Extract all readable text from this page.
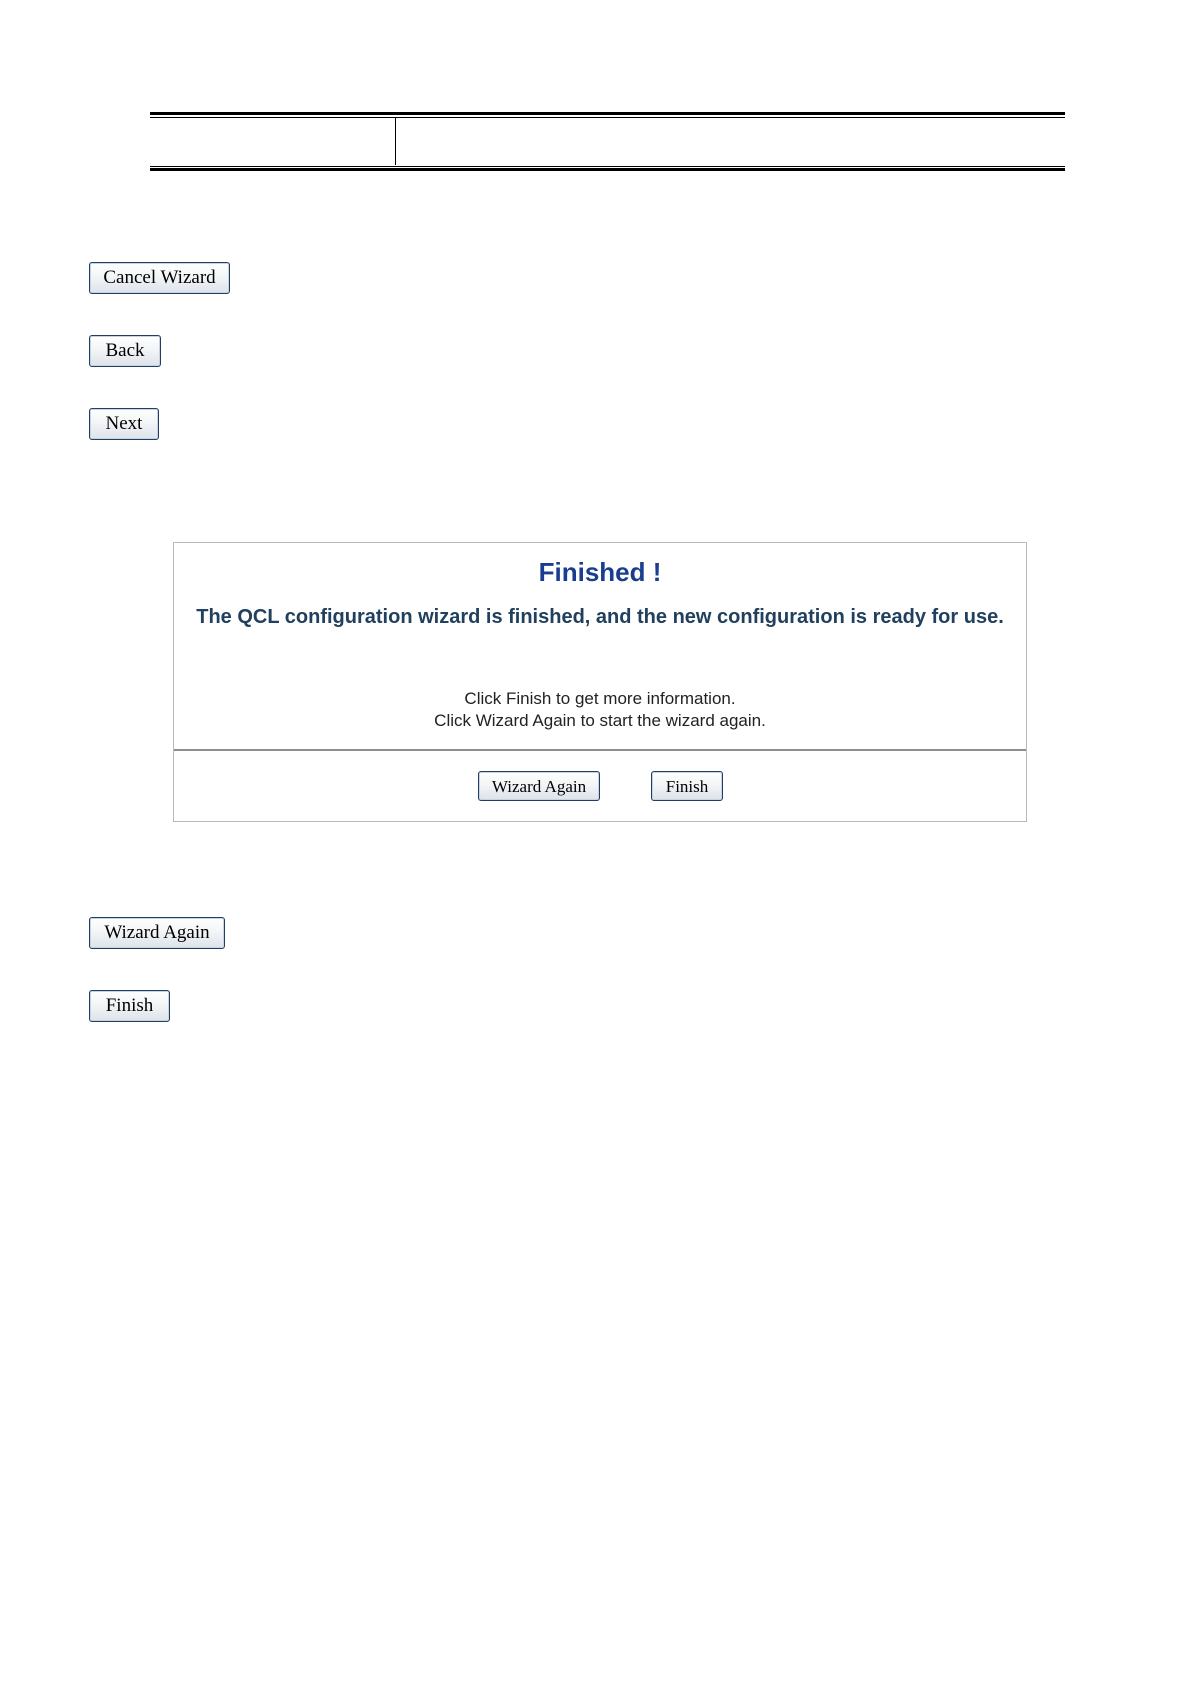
Cancel Wizard
Back
Next
Finished !
The QCL configuration wizard is finished, and the new configuration is ready for use.
Click Finish to get more information.
Click Wizard Again to start the wizard again.
Wizard Again	Finish
Wizard Again
Finish
